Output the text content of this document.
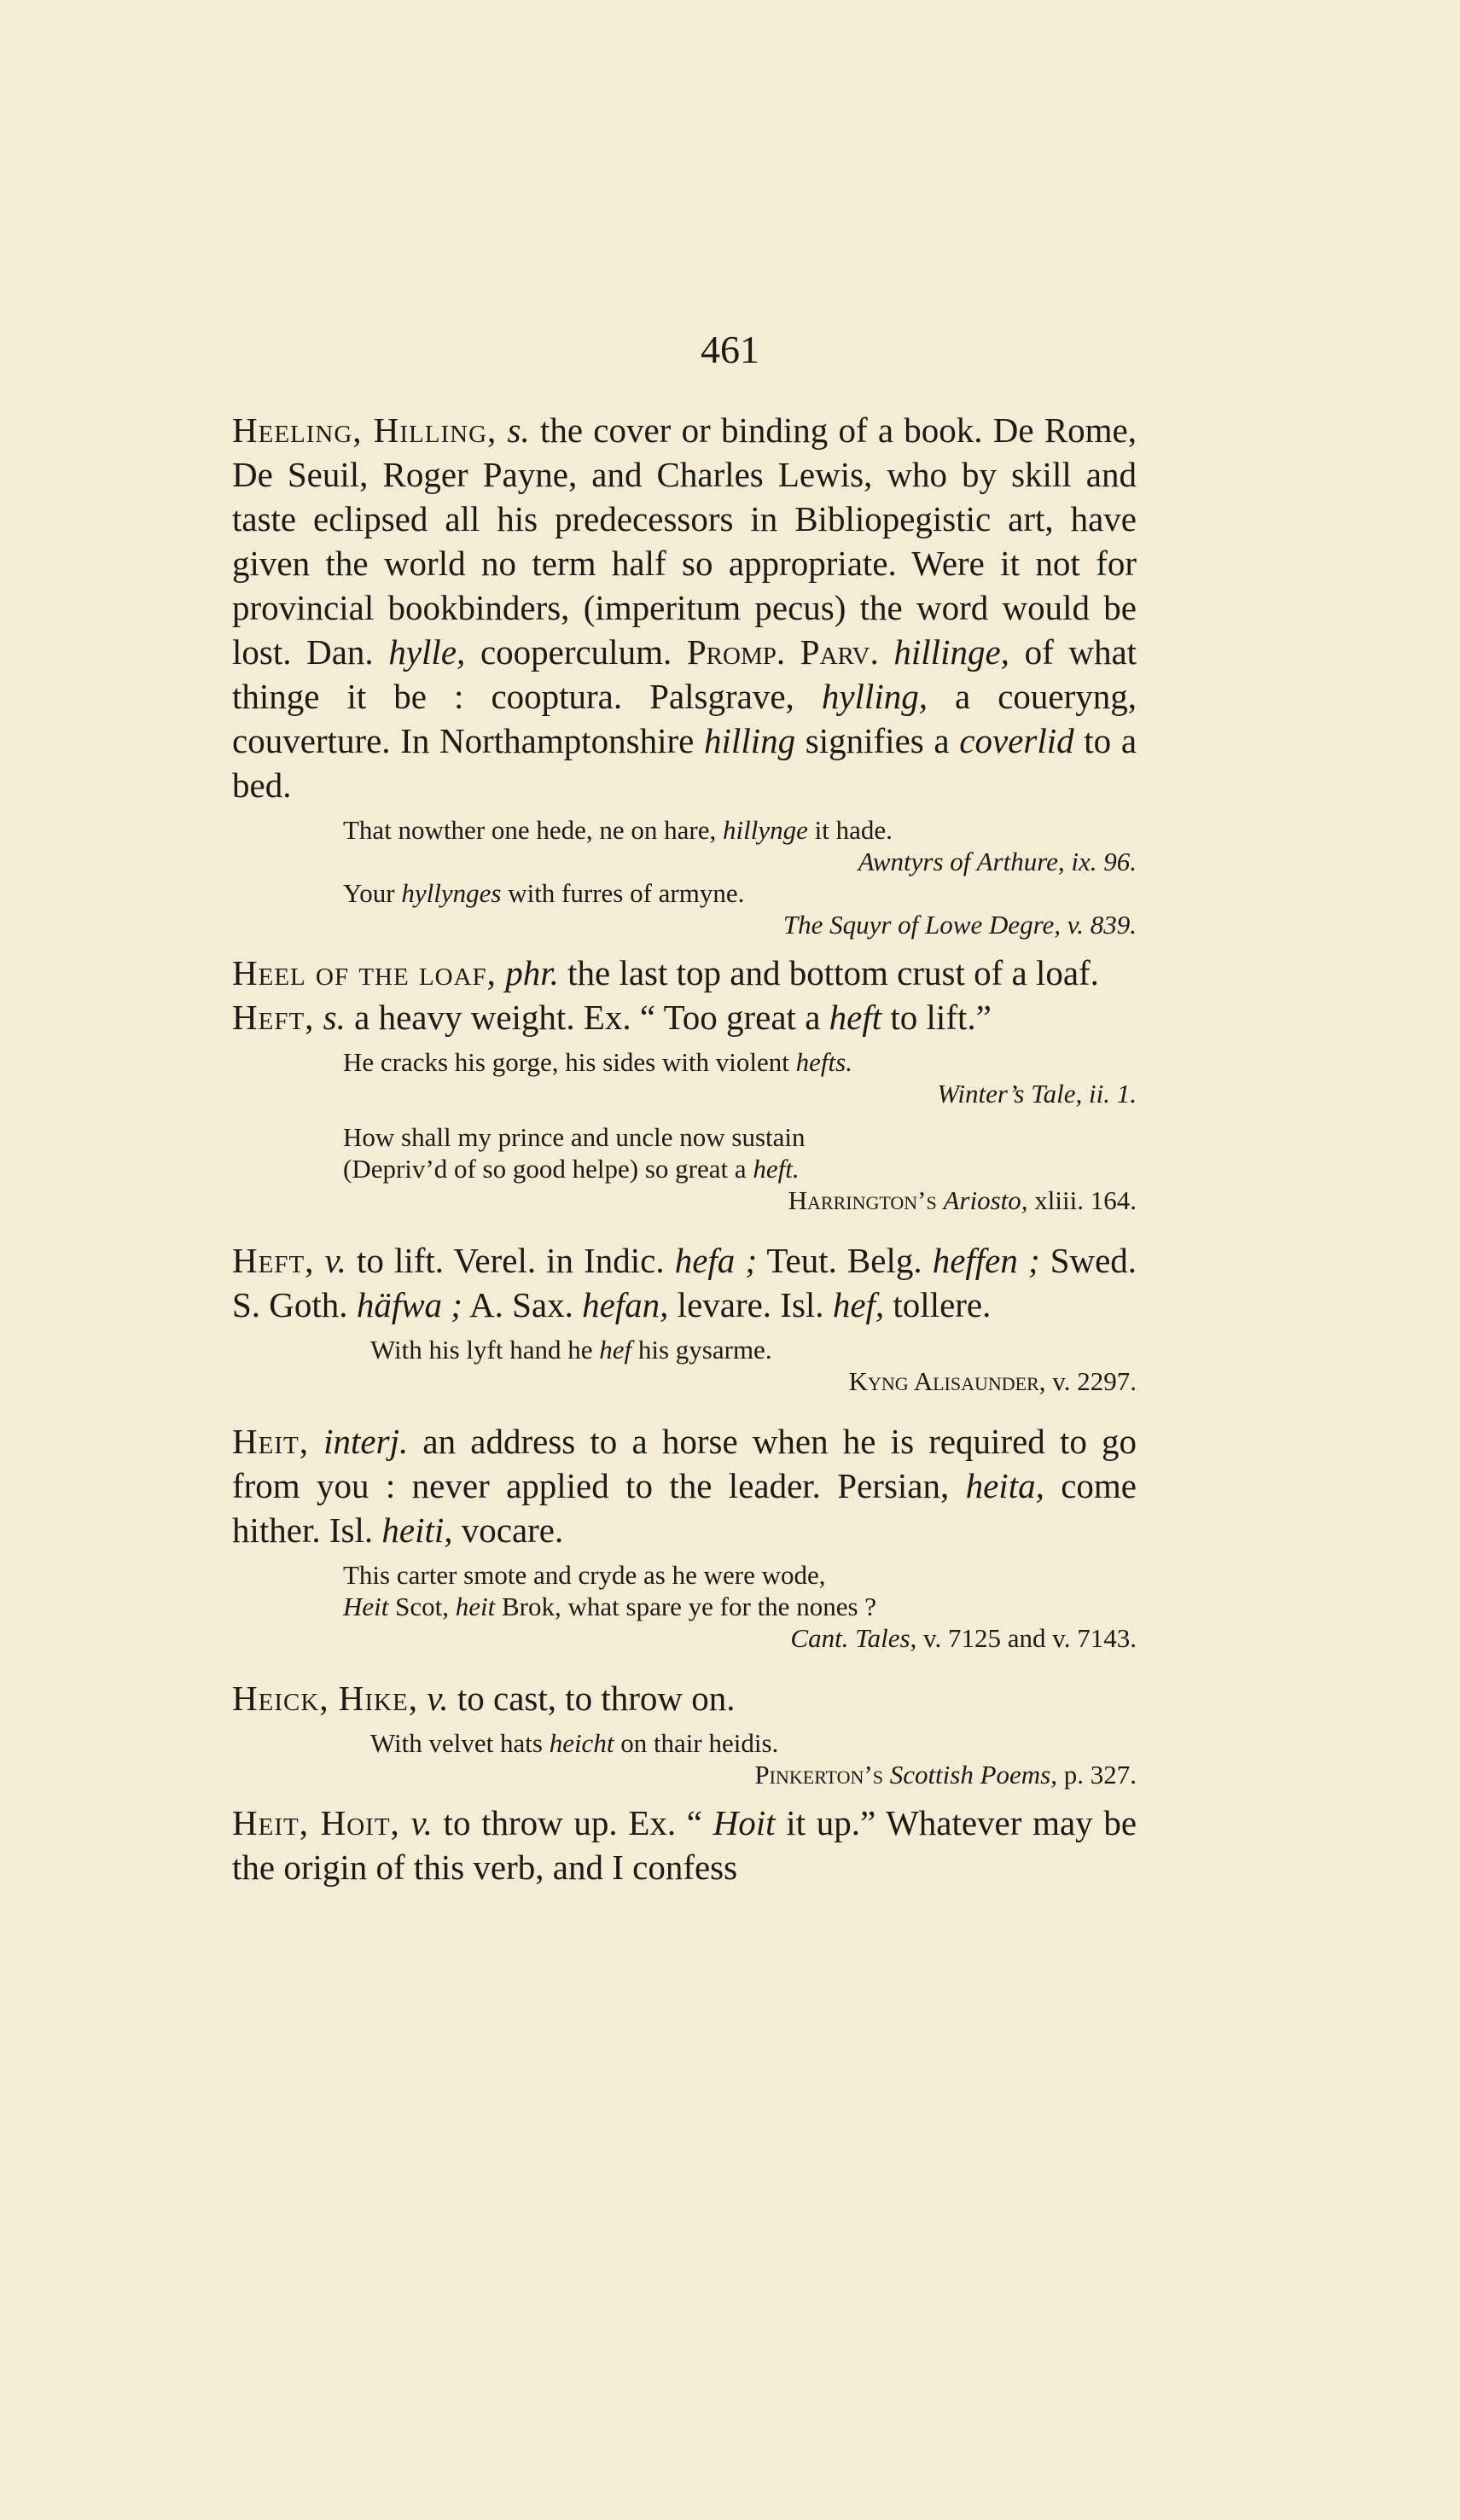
461

Heeling, Hilling, s. the cover or binding of a book. De Rome, De Seuil, Roger Payne, and Charles Lewis, who by skill and taste eclipsed all his predecessors in Bibliopegistic art, have given the world no term half so appropriate. Were it not for provincial bookbinders, (imperitum pecus) the word would be lost. Dan. hylle, cooperculum. Promp. Parv. hillinge, of what thinge it be : cooptura. Palsgrave, hylling, a coueryng, couverture. In Northamptonshire hilling signifies a coverlid to a bed.

That nowther one hede, ne on hare, hillynge it hade.
Awntyrs of Arthure, ix. 96.
Your hyllynges with furres of armyne.
The Squyr of Lowe Degre, v. 839.

Heel of the loaf, phr. the last top and bottom crust of a loaf.

Heft, s. a heavy weight. Ex. “ Too great a heft to lift.”

He cracks his gorge, his sides with violent hefts.
Winter’s Tale, ii. 1.
How shall my prince and uncle now sustain
(Depriv’d of so good helpe) so great a heft.
Harrington’s Ariosto, xliii. 164.

Heft, v. to lift. Verel. in Indic. hefa ; Teut. Belg. heffen ; Swed. S. Goth. häfwa ; A. Sax. hefan, levare. Isl. hef, tollere.

With his lyft hand he hef his gysarme.
Kyng Alisaunder, v. 2297.

Heit, interj. an address to a horse when he is required to go from you : never applied to the leader. Persian, heita, come hither. Isl. heiti, vocare.

This carter smote and cryde as he were wode,
Heit Scot, heit Brok, what spare ye for the nones ?
Cant. Tales, v. 7125 and v. 7143.

Heick, Hike, v. to cast, to throw on.

With velvet hats heicht on thair heidis.
Pinkerton’s Scottish Poems, p. 327.

Heit, Hoit, v. to throw up. Ex. “ Hoit it up.” Whatever may be the origin of this verb, and I confess
